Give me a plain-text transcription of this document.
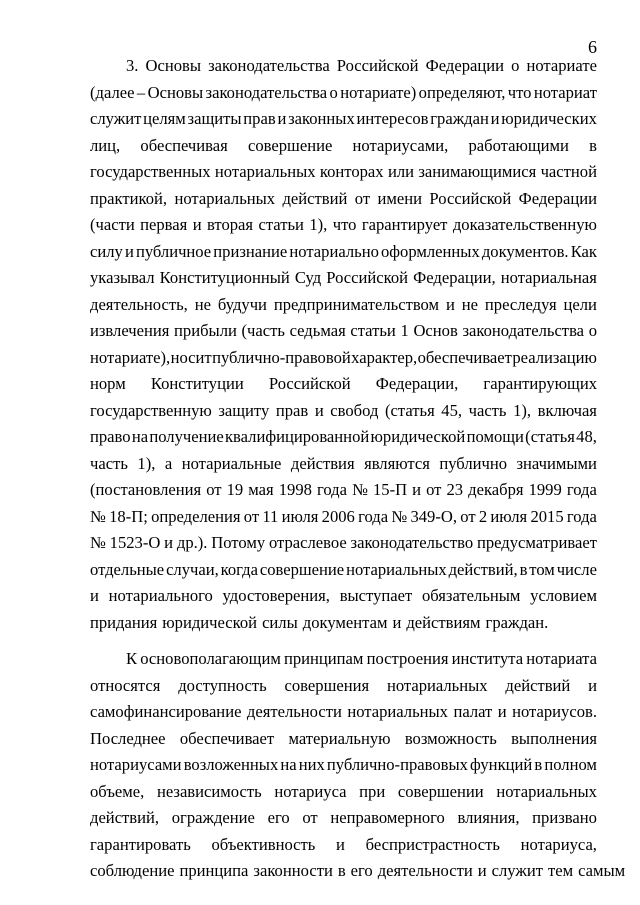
6
3. Основы законодательства Российской Федерации о нотариате
(далее – Основы законодательства о нотариате) определяют, что нотариат
служит целям защиты прав и законных интересов граждан и юридических
лиц, обеспечивая совершение нотариусами, работающими в
государственных нотариальных конторах или занимающимися частной
практикой, нотариальных действий от имени Российской Федерации
(части первая и вторая статьи 1), что гарантирует доказательственную
силу и публичное признание нотариально оформленных документов. Как
указывал Конституционный Суд Российской Федерации, нотариальная
деятельность, не будучи предпринимательством и не преследуя цели
извлечения прибыли (часть седьмая статьи 1 Основ законодательства о
нотариате), носит публично-правовой характер, обеспечивает реализацию
норм Конституции Российской Федерации, гарантирующих
государственную защиту прав и свобод (статья 45, часть 1), включая
право на получение квалифицированной юридической помощи (статья 48,
часть 1), а нотариальные действия являются публично значимыми
(постановления от 19 мая 1998 года № 15-П и от 23 декабря 1999 года
№ 18-П; определения от 11 июля 2006 года № 349-О, от 2 июля 2015 года
№ 1523-О и др.). Потому отраслевое законодательство предусматривает
отдельные случаи, когда совершение нотариальных действий, в том числе
и нотариального удостоверения, выступает обязательным условием
придания юридической силы документам и действиям граждан.
К основополагающим принципам построения института нотариата
относятся доступность совершения нотариальных действий и
самофинансирование деятельности нотариальных палат и нотариусов.
Последнее обеспечивает материальную возможность выполнения
нотариусами возложенных на них публично-правовых функций в полном
объеме, независимость нотариуса при совершении нотариальных
действий, ограждение его от неправомерного влияния, призвано
гарантировать объективность и беспристрастность нотариуса,
соблюдение принципа законности в его деятельности и служит тем самым
